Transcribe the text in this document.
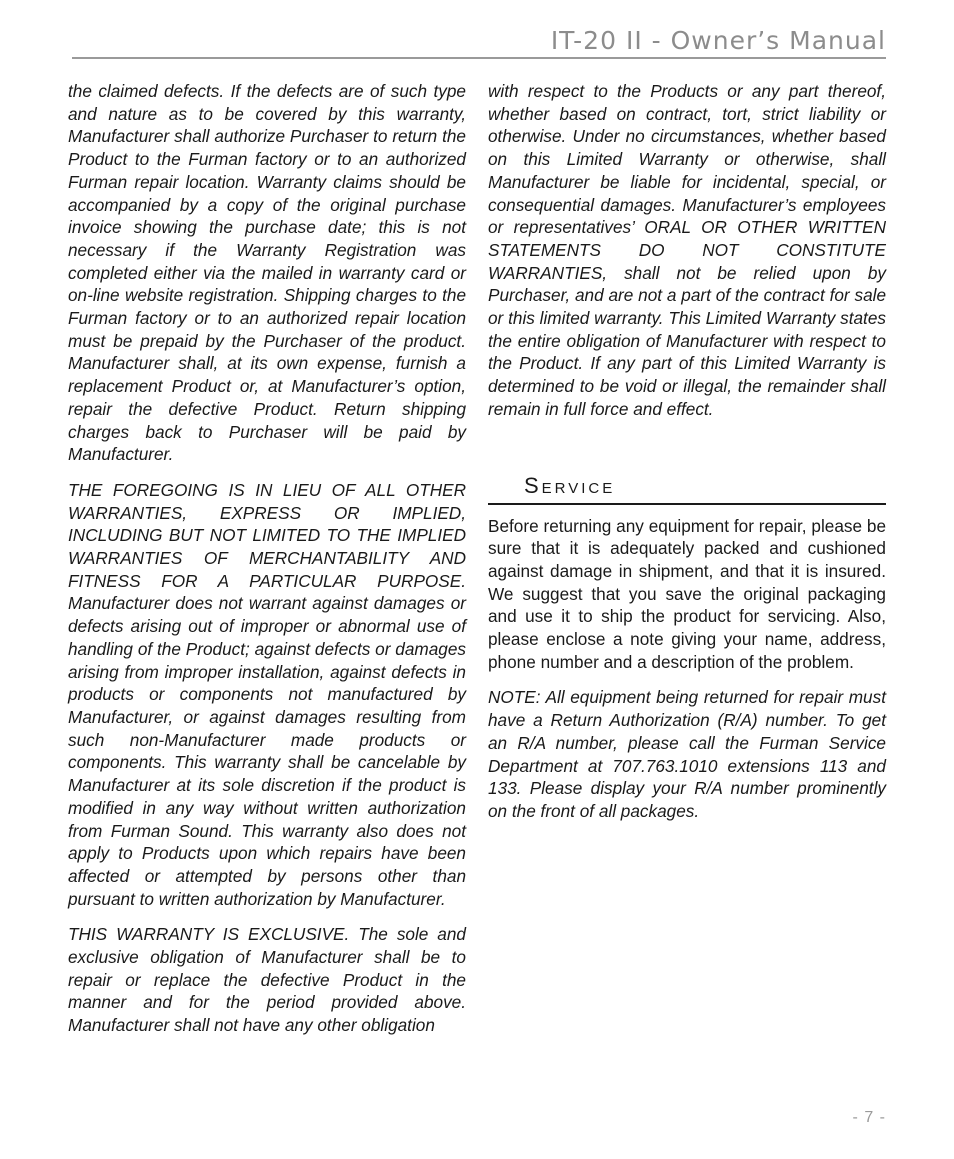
IT-20 II - Owner’s Manual

the claimed defects. If the defects are of such type and nature as to be covered by this warranty, Manufacturer shall authorize Purchaser to return the Product to the Furman factory or to an authorized Furman repair location. Warranty claims should be accompanied by a copy of the original purchase invoice showing the purchase date; this is not necessary if the Warranty Registration was completed either via the mailed in warranty card or on-line website registration. Shipping charges to the Furman factory or to an authorized repair location must be prepaid by the Purchaser of the product. Manufacturer shall, at its own expense, furnish a replacement Product or, at Manufacturer’s option, repair the defective Product. Return shipping charges back to Purchaser will be paid by Manufacturer.

THE FOREGOING IS IN LIEU OF ALL OTHER WARRANTIES, EXPRESS OR IMPLIED, INCLUDING BUT NOT LIMITED TO THE IMPLIED WARRANTIES OF MERCHANTABILITY AND FITNESS FOR A PARTICULAR PURPOSE. Manufacturer does not warrant against damages or defects arising out of improper or abnormal use of handling of the Product; against defects or damages arising from improper installation, against defects in products or components not manufactured by Manufacturer, or against damages resulting from such non-Manufacturer made products or components. This warranty shall be cancelable by Manufacturer at its sole discretion if the product is modified in any way without written authorization from Furman Sound. This warranty also does not apply to Products upon which repairs have been affected or attempted by persons other than pursuant to written authorization by Manufacturer.

THIS WARRANTY IS EXCLUSIVE. The sole and exclusive obligation of Manufacturer shall be to repair or replace the defective Product in the manner and for the period provided above. Manufacturer shall not have any other obligation

with respect to the Products or any part thereof, whether based on contract, tort, strict liability or otherwise. Under no circumstances, whether based on this Limited Warranty or otherwise, shall Manufacturer be liable for incidental, special, or consequential damages. Manufacturer’s employees or representatives’ ORAL OR OTHER WRITTEN STATEMENTS DO NOT CONSTITUTE WARRANTIES, shall not be relied upon by Purchaser, and are not a part of the contract for sale or this limited warranty. This Limited Warranty states the entire obligation of Manufacturer with respect to the Product. If any part of this Limited Warranty is determined to be void or illegal, the remainder shall remain in full force and effect.

Service

Before returning any equipment for repair, please be sure that it is adequately packed and cushioned against damage in shipment, and that it is insured. We suggest that you save the original packaging and use it to ship the product for servicing. Also, please enclose a note giving your name, address, phone number and a description of the problem.

NOTE: All equipment being returned for repair must have a Return Authorization (R/A) number. To get an R/A number, please call the Furman Service Department at 707.763.1010 extensions 113 and 133. Please display your R/A number prominently on the front of all packages.

- 7 -
